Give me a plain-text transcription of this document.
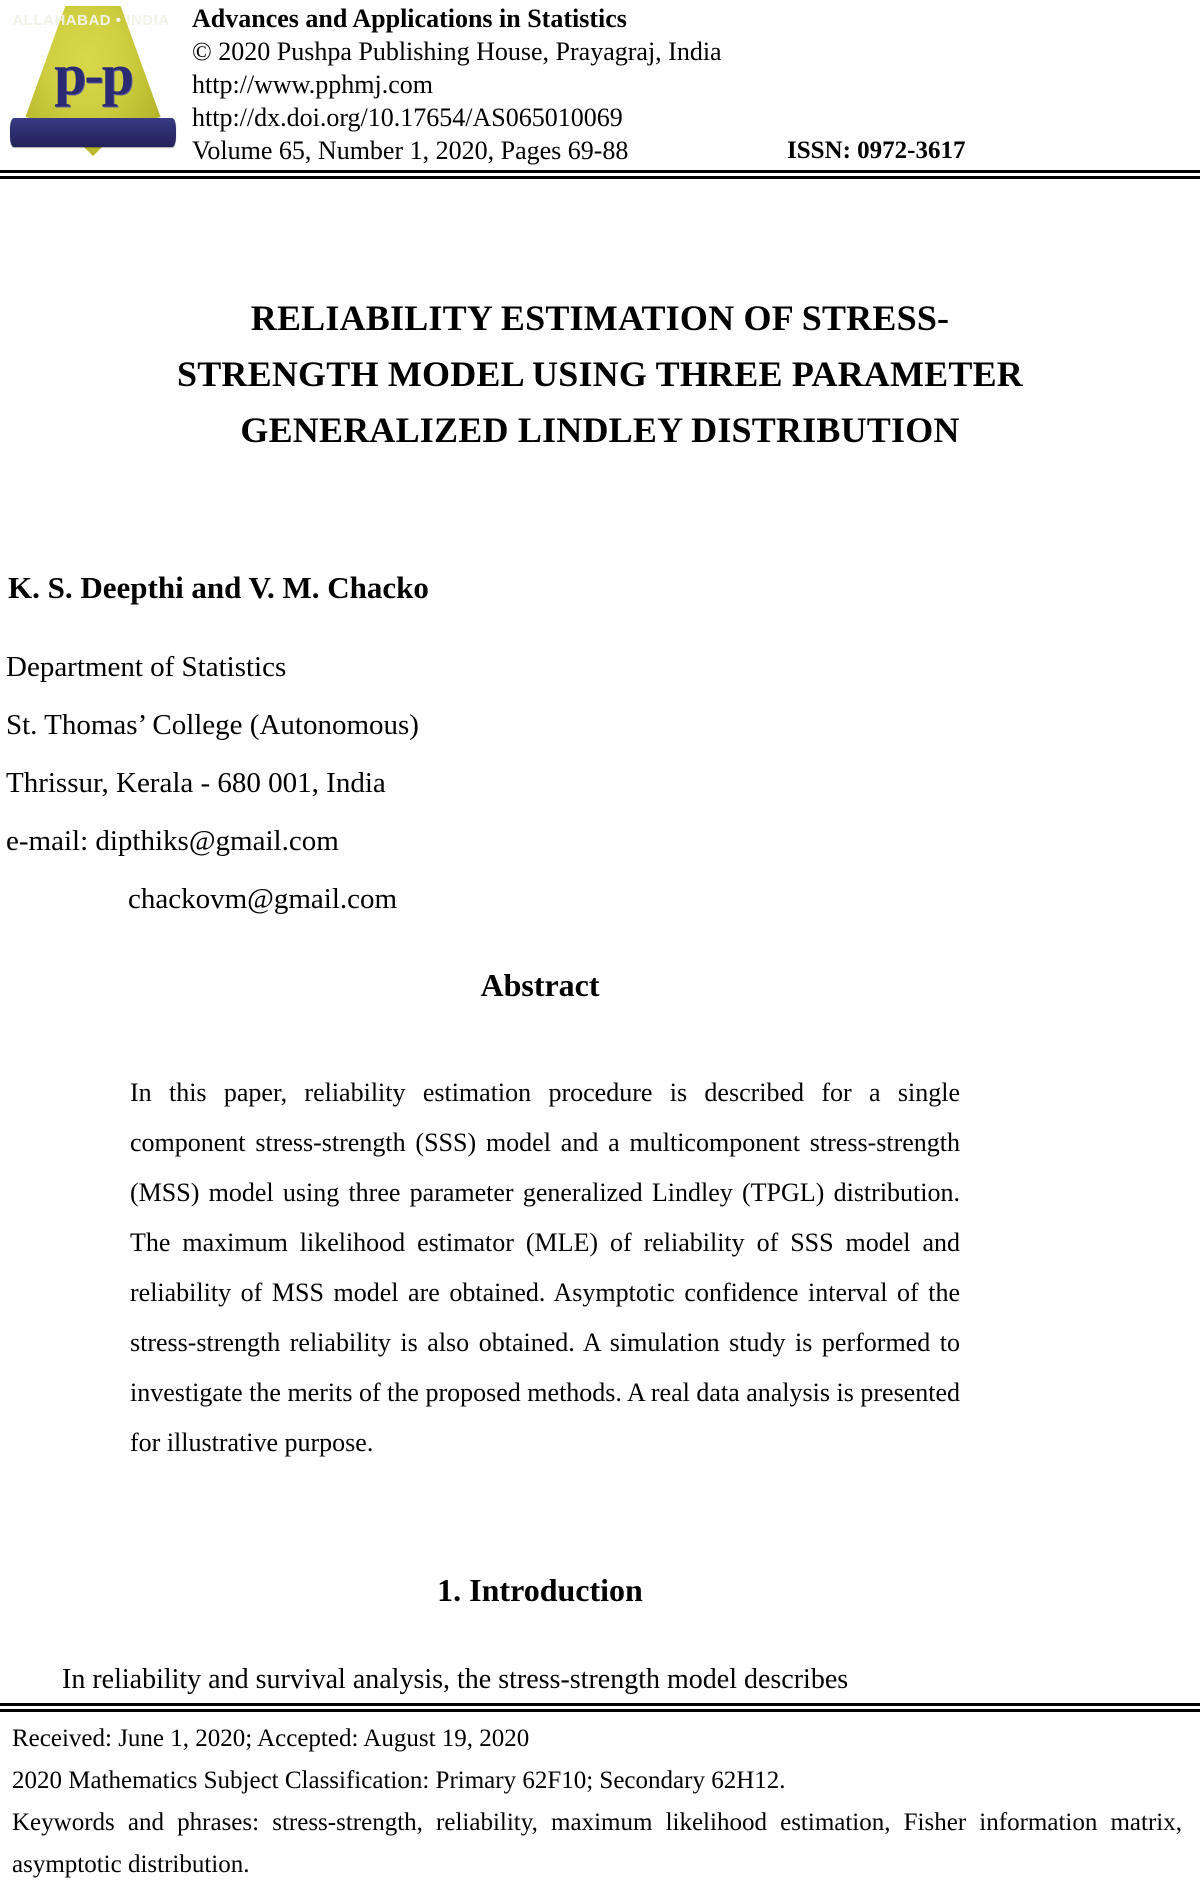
p-p
ALLAHABAD • INDIA Advances and Applications in Statistics
© 2020 Pushpa Publishing House, Prayagraj, India
http://www.pphmj.com
http://dx.doi.org/10.17654/AS065010069
Volume 65, Number 1, 2020, Pages 69-88	ISSN: 0972-3617
RELIABILITY ESTIMATION OF STRESS-
STRENGTH MODEL USING THREE PARAMETER
GENERALIZED LINDLEY DISTRIBUTION
K. S. Deepthi and V. M. Chacko
Department of Statistics
St. Thomas’ College (Autonomous)
Thrissur, Kerala - 680 001, India
e-mail: dipthiks@gmail.com
chackovm@gmail.com
Abstract
In this paper, reliability estimation procedure is described for a single component stress-strength (SSS) model and a multicomponent stress-strength (MSS) model using three parameter generalized Lindley (TPGL) distribution. The maximum likelihood estimator (MLE) of reliability of SSS model and reliability of MSS model are obtained. Asymptotic confidence interval of the stress-strength reliability is also obtained. A simulation study is performed to investigate the merits of the proposed methods. A real data analysis is presented for illustrative purpose.
1. Introduction
In reliability and survival analysis, the stress-strength model describes
Received: June 1, 2020; Accepted: August 19, 2020
2020 Mathematics Subject Classification: Primary 62F10; Secondary 62H12.
Keywords and phrases: stress-strength, reliability, maximum likelihood estimation, Fisher information matrix, asymptotic distribution.
